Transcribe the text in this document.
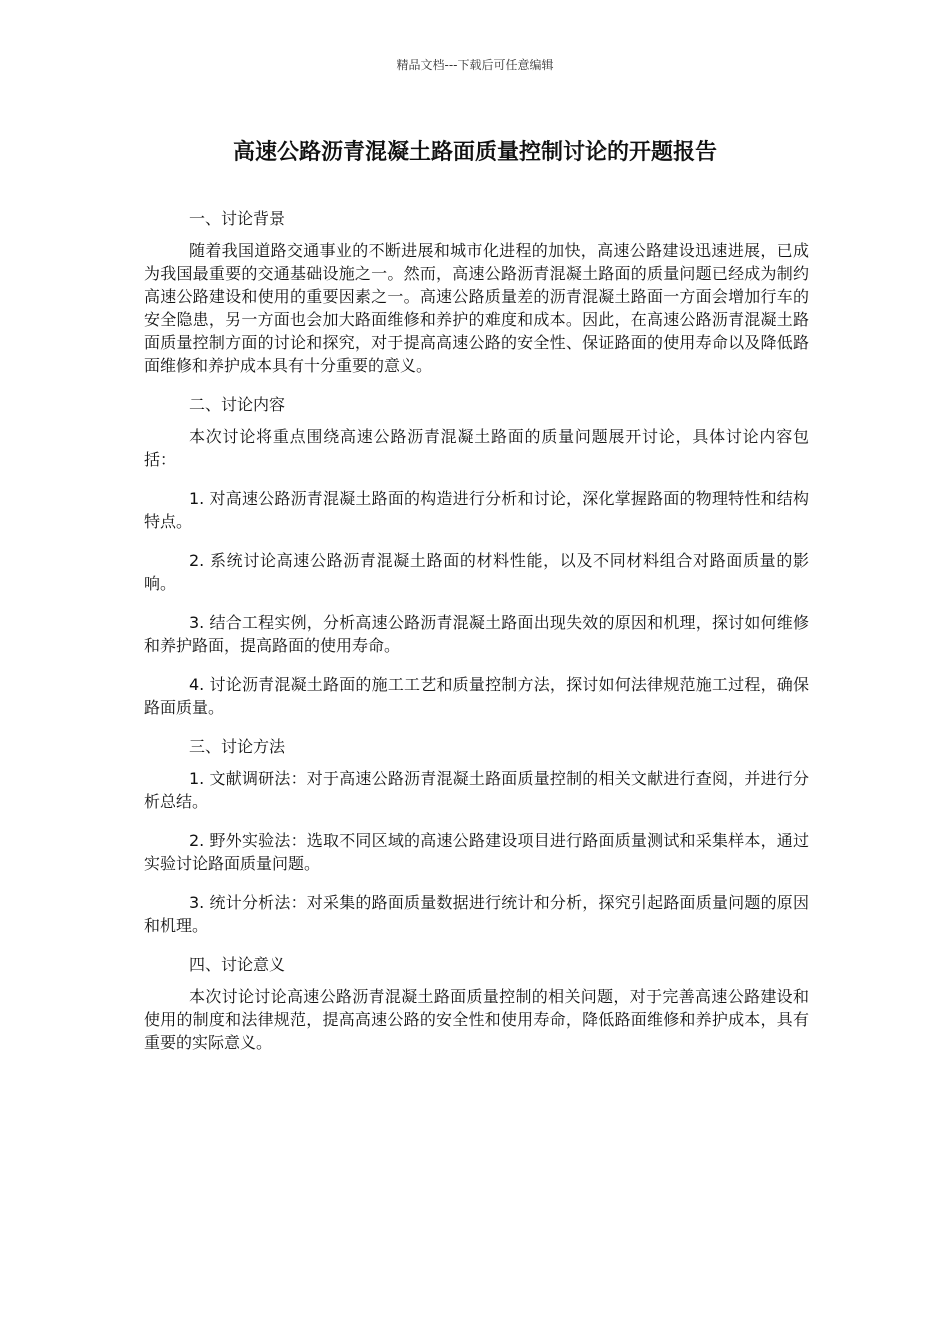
精品文档---下载后可任意编辑
高速公路沥青混凝土路面质量控制讨论的开题报告

一、讨论背景

随着我国道路交通事业的不断进展和城市化进程的加快，高速公路建设迅速进展，已成为我国最重要的交通基础设施之一。然而，高速公路沥青混凝土路面的质量问题已经成为制约高速公路建设和使用的重要因素之一。高速公路质量差的沥青混凝土路面一方面会增加行车的安全隐患，另一方面也会加大路面维修和养护的难度和成本。因此，在高速公路沥青混凝土路面质量控制方面的讨论和探究，对于提高高速公路的安全性、保证路面的使用寿命以及降低路面维修和养护成本具有十分重要的意义。

二、讨论内容

本次讨论将重点围绕高速公路沥青混凝土路面的质量问题展开讨论，具体讨论内容包括：

1. 对高速公路沥青混凝土路面的构造进行分析和讨论，深化掌握路面的物理特性和结构特点。

2. 系统讨论高速公路沥青混凝土路面的材料性能，以及不同材料组合对路面质量的影响。

3. 结合工程实例，分析高速公路沥青混凝土路面出现失效的原因和机理，探讨如何维修和养护路面，提高路面的使用寿命。

4. 讨论沥青混凝土路面的施工工艺和质量控制方法，探讨如何法律规范施工过程，确保路面质量。

三、讨论方法

1. 文献调研法：对于高速公路沥青混凝土路面质量控制的相关文献进行查阅，并进行分析总结。

2. 野外实验法：选取不同区域的高速公路建设项目进行路面质量测试和采集样本，通过实验讨论路面质量问题。

3. 统计分析法：对采集的路面质量数据进行统计和分析，探究引起路面质量问题的原因和机理。

四、讨论意义

本次讨论讨论高速公路沥青混凝土路面质量控制的相关问题，对于完善高速公路建设和使用的制度和法律规范，提高高速公路的安全性和使用寿命，降低路面维修和养护成本，具有重要的实际意义。
